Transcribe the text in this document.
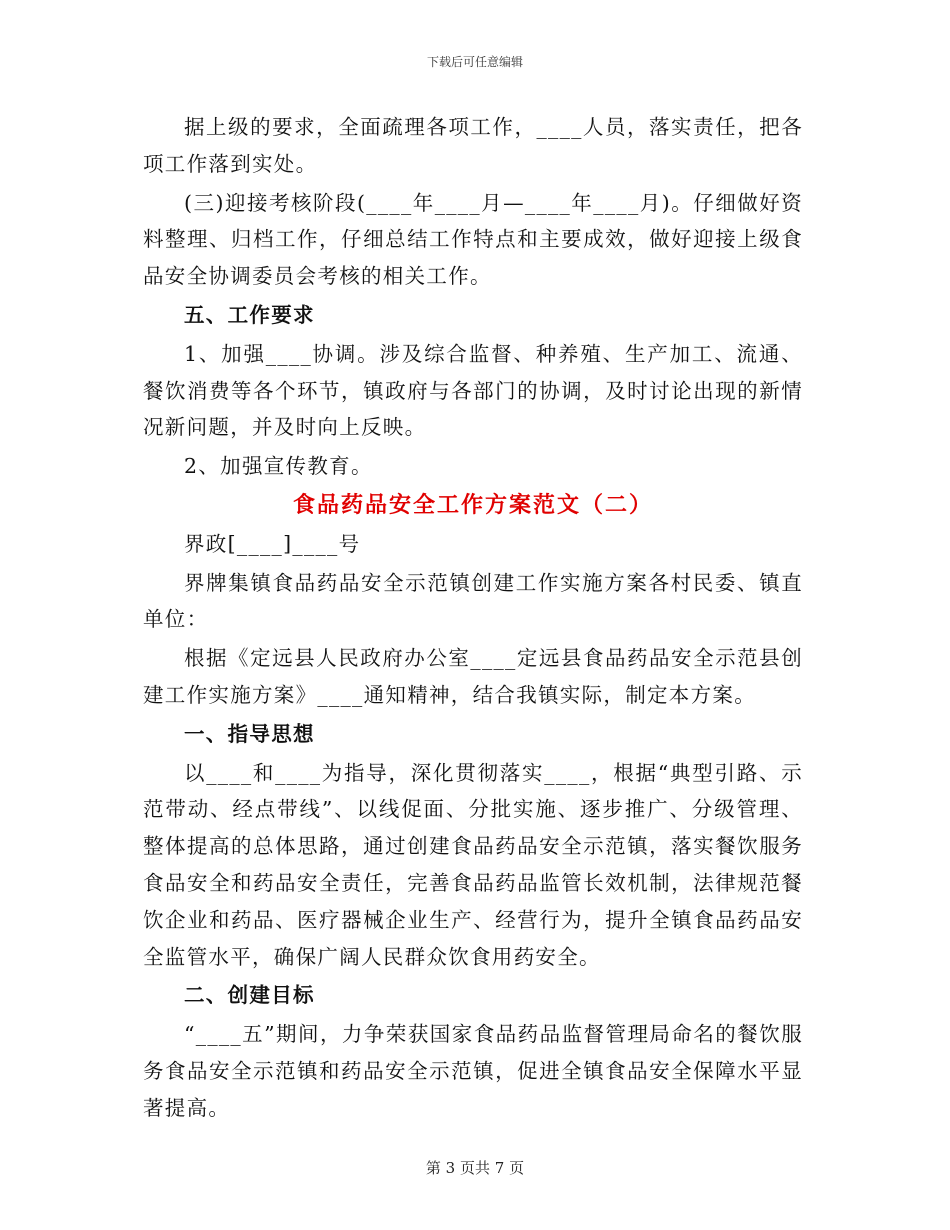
下载后可任意编辑

据上级的要求，全面疏理各项工作，____人员，落实责任，把各项工作落到实处。

(三)迎接考核阶段(____年____月—____年____月)。仔细做好资料整理、归档工作，仔细总结工作特点和主要成效，做好迎接上级食品安全协调委员会考核的相关工作。

五、工作要求

1、加强____协调。涉及综合监督、种养殖、生产加工、流通、餐饮消费等各个环节，镇政府与各部门的协调，及时讨论出现的新情况新问题，并及时向上反映。

2、加强宣传教育。

食品药品安全工作方案范文（二）

界政[____]____号

界牌集镇食品药品安全示范镇创建工作实施方案各村民委、镇直单位：

根据《定远县人民政府办公室____定远县食品药品安全示范县创建工作实施方案》____通知精神，结合我镇实际，制定本方案。

一、指导思想

以____和____为指导，深化贯彻落实____，根据“典型引路、示范带动、经点带线”、以线促面、分批实施、逐步推广、分级管理、整体提高的总体思路，通过创建食品药品安全示范镇，落实餐饮服务食品安全和药品安全责任，完善食品药品监管长效机制，法律规范餐饮企业和药品、医疗器械企业生产、经营行为，提升全镇食品药品安全监管水平，确保广阔人民群众饮食用药安全。

二、创建目标

“____五”期间，力争荣获国家食品药品监督管理局命名的餐饮服务食品安全示范镇和药品安全示范镇，促进全镇食品安全保障水平显著提高。

第 3 页共 7 页
